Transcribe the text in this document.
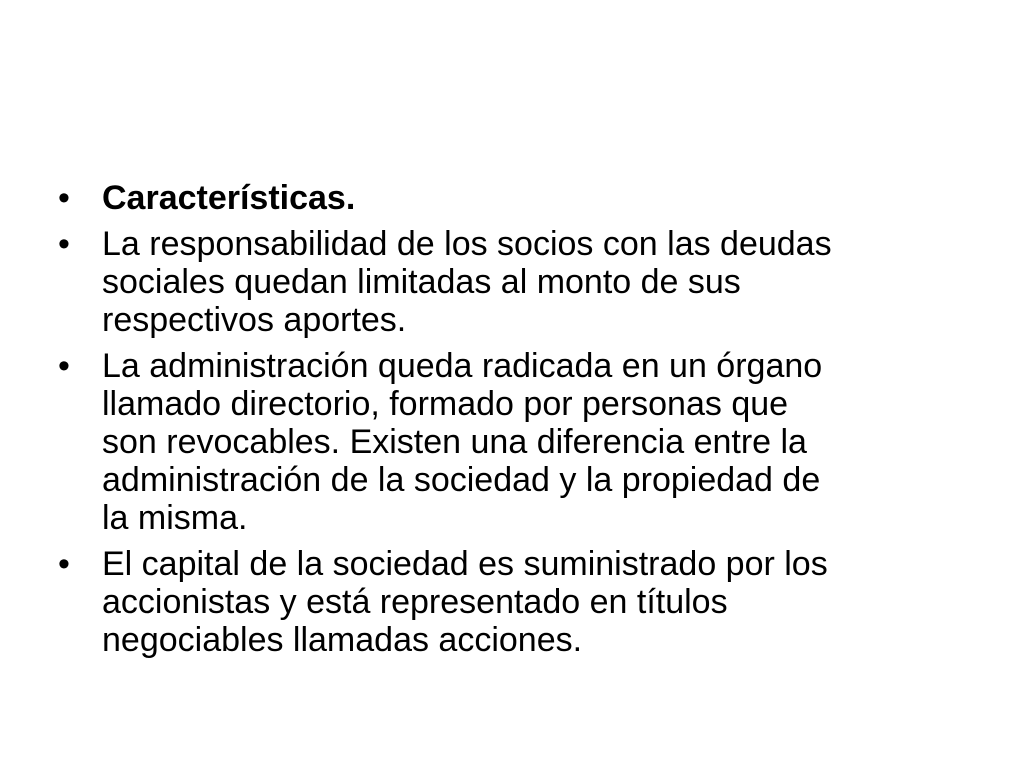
• Características.
• La responsabilidad de los socios con las deudas
sociales quedan limitadas al monto de sus
respectivos aportes.
• La administración queda radicada en un órgano
llamado directorio, formado por personas que
son revocables. Existen una diferencia entre la
administración de la sociedad y la propiedad de
la misma.
• El capital de la sociedad es suministrado por los
accionistas y está representado en títulos
negociables llamadas acciones.
